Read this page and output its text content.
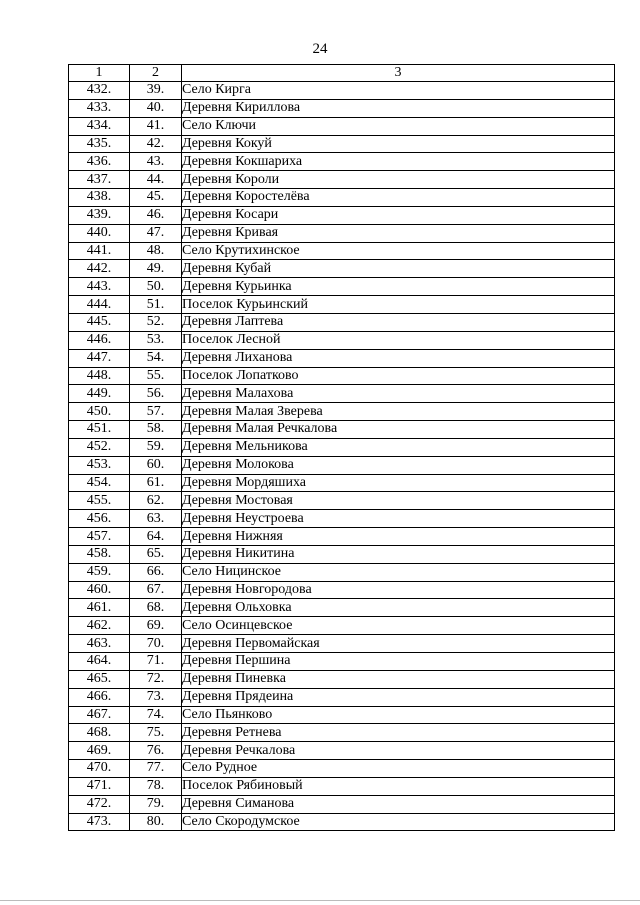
24
1	2	3
432.	39.	Село Кирга
433.	40.	Деревня Кириллова
434.	41.	Село Ключи
435.	42.	Деревня Кокуй
436.	43.	Деревня Кокшариха
437.	44.	Деревня Короли
438.	45.	Деревня Коростелёва
439.	46.	Деревня Косари
440.	47.	Деревня Кривая
441.	48.	Село Крутихинское
442.	49.	Деревня Кубай
443.	50.	Деревня Курьинка
444.	51.	Поселок Курьинский
445.	52.	Деревня Лаптева
446.	53.	Поселок Лесной
447.	54.	Деревня Лиханова
448.	55.	Поселок Лопатково
449.	56.	Деревня Малахова
450.	57.	Деревня Малая Зверева
451.	58.	Деревня Малая Речкалова
452.	59.	Деревня Мельникова
453.	60.	Деревня Молокова
454.	61.	Деревня Мордяшиха
455.	62.	Деревня Мостовая
456.	63.	Деревня Неустроева
457.	64.	Деревня Нижняя
458.	65.	Деревня Никитина
459.	66.	Село Ницинское
460.	67.	Деревня Новгородова
461.	68.	Деревня Ольховка
462.	69.	Село Осинцевское
463.	70.	Деревня Первомайская
464.	71.	Деревня Першина
465.	72.	Деревня Пиневка
466.	73.	Деревня Прядеина
467.	74.	Село Пьянково
468.	75.	Деревня Ретнева
469.	76.	Деревня Речкалова
470.	77.	Село Рудное
471.	78.	Поселок Рябиновый
472.	79.	Деревня Симанова
473.	80.	Село Скородумское
